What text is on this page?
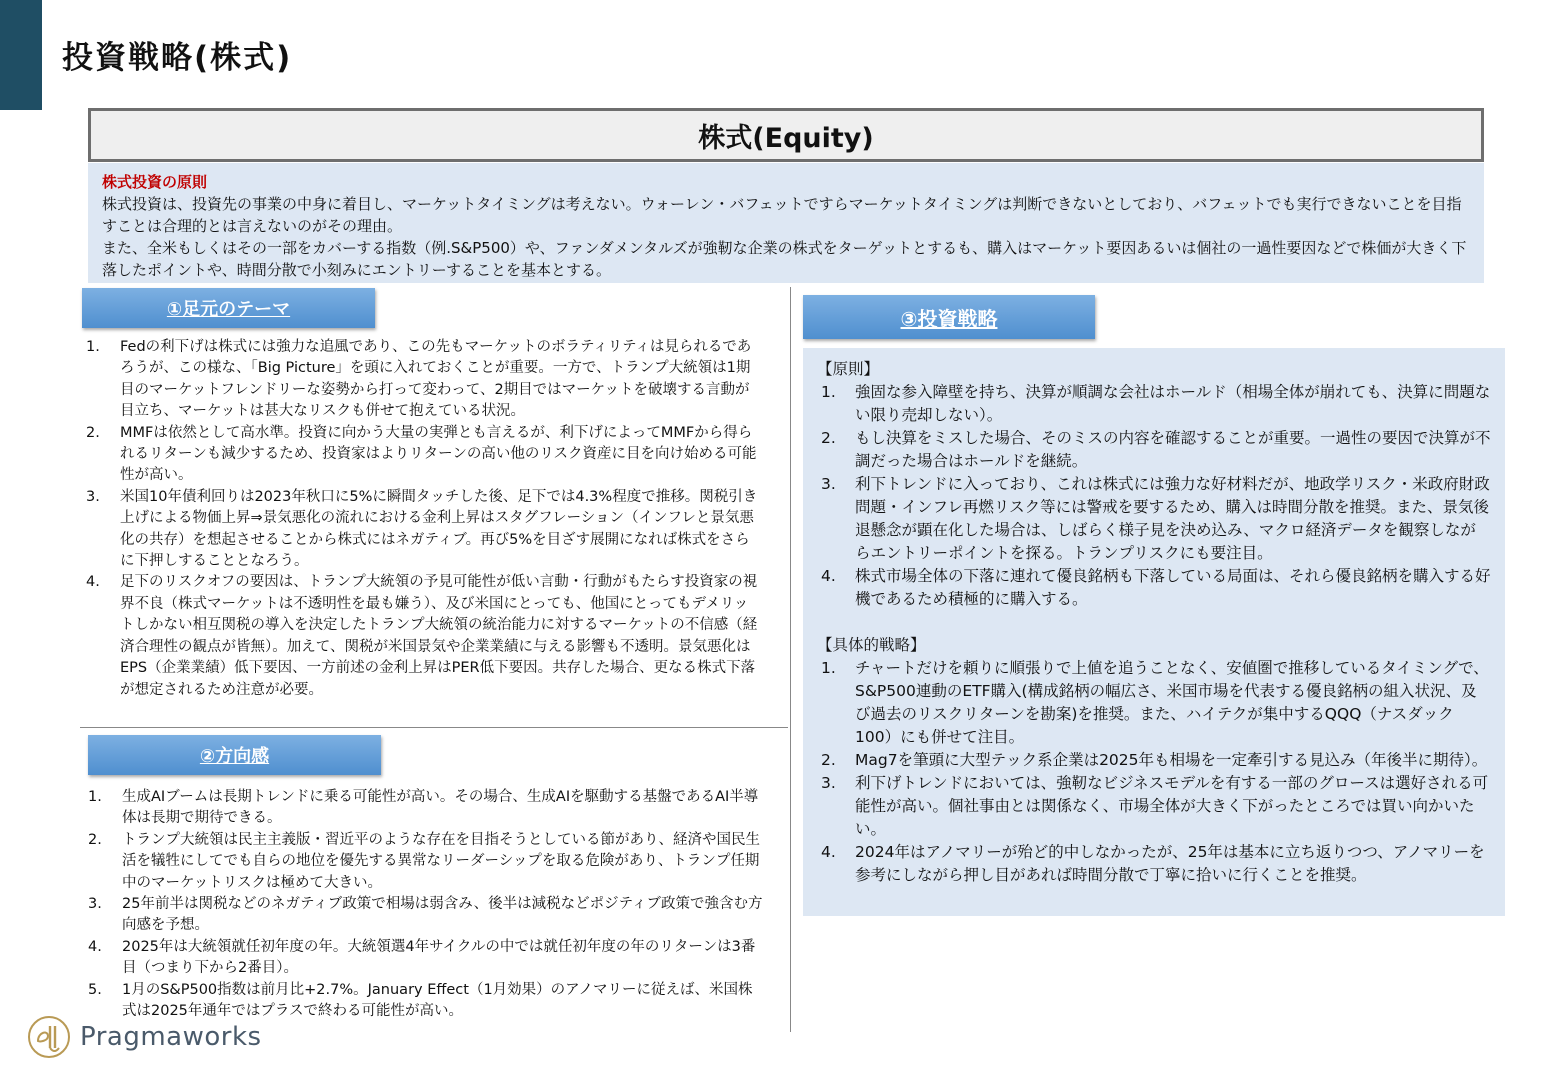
投資戦略(株式)
株式(Equity)

株式投資の原則

株式投資は、投資先の事業の中身に着目し、マーケットタイミングは考えない。ウォーレン・バフェットですらマーケットタイミングは判断できないとしており、バフェットでも実行できないことを目指すことは合理的とは言えないのがその理由。

また、全米もしくはその一部をカバーする指数（例.S&P500）や、ファンダメンタルズが強靭な企業の株式をターゲットとするも、購入はマーケット要因あるいは個社の一過性要因などで株価が大きく下落したポイントや、時間分散で小刻みにエントリーすることを基本とする。

①足元のテーマ
1. Fedの利下げは株式には強力な追風であり、この先もマーケットのボラティリティは見られるであろうが、この様な、「Big Picture」を頭に入れておくことが重要。一方で、トランプ大統領は1期目のマーケットフレンドリーな姿勢から打って変わって、2期目ではマーケットを破壊する言動が目立ち、マーケットは甚大なリスクも併せて抱えている状況。
2. MMFは依然として高水準。投資に向かう大量の実弾とも言えるが、利下げによってMMFから得られるリターンも減少するため、投資家はよりリターンの高い他のリスク資産に目を向け始める可能性が高い。
3. 米国10年債利回りは2023年秋口に5%に瞬間タッチした後、足下では4.3%程度で推移。関税引き上げによる物価上昇⇒景気悪化の流れにおける金利上昇はスタグフレーション（インフレと景気悪化の共存）を想起させることから株式にはネガティブ。再び5%を目ざす展開になれば株式をさらに下押しすることとなろう。
4. 足下のリスクオフの要因は、トランプ大統領の予見可能性が低い言動・行動がもたらす投資家の視界不良（株式マーケットは不透明性を最も嫌う）、及び米国にとっても、他国にとってもデメリットしかない相互関税の導入を決定したトランプ大統領の統治能力に対するマーケットの不信感（経済合理性の観点が皆無）。加えて、関税が米国景気や企業業績に与える影響も不透明。景気悪化はEPS（企業業績）低下要因、一方前述の金利上昇はPER低下要因。共存した場合、更なる株式下落が想定されるため注意が必要。
②方向感
1. 生成AIブームは長期トレンドに乗る可能性が高い。その場合、生成AIを駆動する基盤であるAI半導体は長期で期待できる。
2. トランプ大統領は民主主義版・習近平のような存在を目指そうとしている節があり、経済や国民生活を犠牲にしてでも自らの地位を優先する異常なリーダーシップを取る危険があり、トランプ任期中のマーケットリスクは極めて大きい。
3. 25年前半は関税などのネガティブ政策で相場は弱含み、後半は減税などポジティブ政策で強含む方向感を予想。
4. 2025年は大統領就任初年度の年。大統領選4年サイクルの中では就任初年度の年のリターンは3番目（つまり下から2番目）。
5. 1月のS&P500指数は前月比+2.7%。January Effect（1月効果）のアノマリーに従えば、米国株式は2025年通年ではプラスで終わる可能性が高い。
③投資戦略

【原則】

1. 強固な参入障壁を持ち、決算が順調な会社はホールド（相場全体が崩れても、決算に問題ない限り売却しない）。
2. もし決算をミスした場合、そのミスの内容を確認することが重要。一過性の要因で決算が不調だった場合はホールドを継続。
3. 利下トレンドに入っており、これは株式には強力な好材料だが、地政学リスク・米政府財政問題・インフレ再燃リスク等には警戒を要するため、購入は時間分散を推奨。また、景気後退懸念が顕在化した場合は、しばらく様子見を決め込み、マクロ経済データを観察しながらエントリーポイントを探る。トランプリスクにも要注目。
4. 株式市場全体の下落に連れて優良銘柄も下落している局面は、それら優良銘柄を購入する好機であるため積極的に購入する。

【具体的戦略】

1. チャートだけを頼りに順張りで上値を追うことなく、安値圏で推移しているタイミングで、S&P500連動のETF購入(構成銘柄の幅広さ、米国市場を代表する優良銘柄の組入状況、及び過去のリスクリターンを勘案)を推奨。また、ハイテクが集中するQQQ（ナスダック100）にも併せて注目。
2. Mag7を筆頭に大型テック系企業は2025年も相場を一定牽引する見込み（年後半に期待）。
3. 利下げトレンドにおいては、強靭なビジネスモデルを有する一部のグロースは選好される可能性が高い。個社事由とは関係なく、市場全体が大きく下がったところでは買い向かいたい。
4. 2024年はアノマリーが殆ど的中しなかったが、25年は基本に立ち返りつつ、アノマリーを参考にしながら押し目があれば時間分散で丁寧に拾いに行くことを推奨。
Pragmaworks
